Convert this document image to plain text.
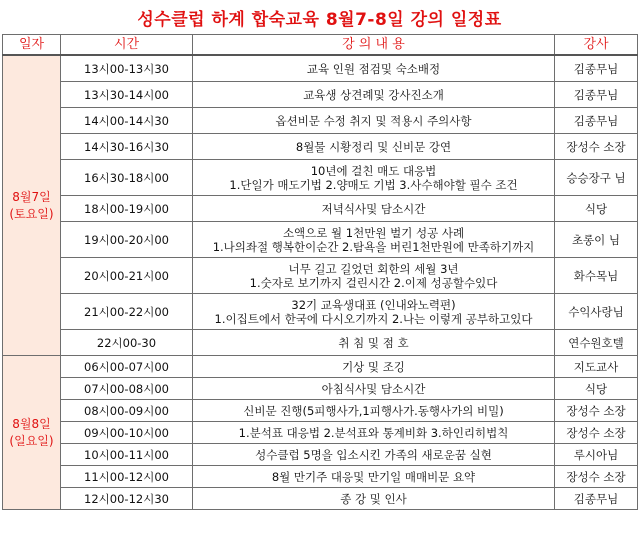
성수클럽 하계 합숙교육 8월7-8일 강의 일정표
일자	시간	강 의 내 용	강사

8월7일
(토요일)	13시00-13시30	교육 인원 점검및 숙소배정	김종무님
	13시30-14시00	교육생 상견례및 강사진소개	김종무님
	14시00-14시30	옵션비문 수정 취지 및 적용시 주의사항	김종무님
	14시30-16시30	8월물 시황정리 및 신비문 강연	장성수 소장
	16시30-18시00	10년에 걸친 매도 대응법
1.단일가 매도기법 2.양매도 기법 3.사수해야할 필수 조건	승승장구 님
	18시00-19시00	저녁식사및 담소시간	식당
	19시00-20시00	소액으로 월 1천만원 벌기 성공 사례
1.나의좌절 행복한이순간 2.탐욕을 버린1천만원에 만족하기까지	초롱이 님
	20시00-21시00	너무 길고 길었던 회한의 세월 3년
1.숫자로 보기까지 걸린시간 2.이제 성공할수있다	화수목님
	21시00-22시00	32기 교육생대표 (인내와노력편)
1.이집트에서 한국에 다시오기까지 2.나는 이렇게 공부하고있다	수익사랑님
	22시00-30	취 침 및 점 호	연수원호텔

8월8일
(일요일)	06시00-07시00	기상 및 조깅	지도교사
	07시00-08시00	아침식사및 담소시간	식당
	08시00-09시00	신비문 진행(5피행사가,1피행사가.동행사가의 비밀)	장성수 소장
	09시00-10시00	1.분석표 대응법 2.분석표와 통계비화 3.하인리히법칙	장성수 소장
	10시00-11시00	성수클럽 5명을 입소시킨 가족의 새로운꿈 실현	루시아님
	11시00-12시00	8월 만기주 대응및 만기일 매매비문 요약	장성수 소장
	12시00-12시30	종 강 및 인사	김종무님
